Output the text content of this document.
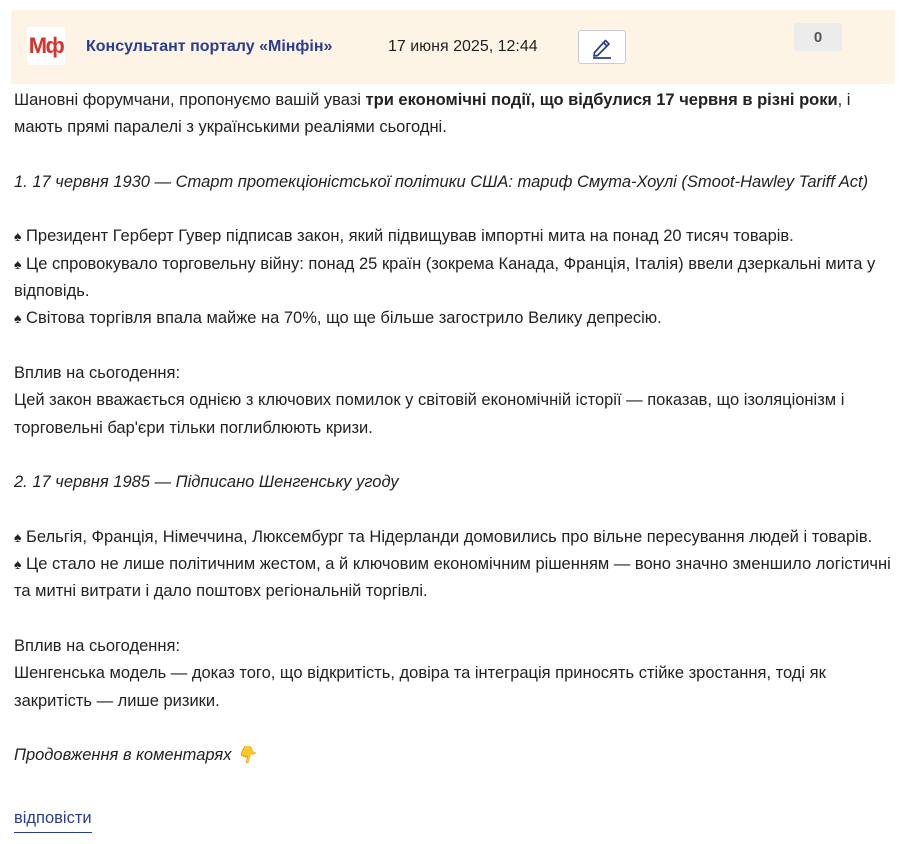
Мф Консультант порталу «Мінфін»	17 июня 2025, 12:44
0

Шановні форумчани, пропонуємо вашій увазі три економічні події, що відбулися 17 червня в різні роки, і мають прямі паралелі з українськими реаліями сьогодні.

1. 17 червня 1930 — Старт протекціоністської політики США: тариф Смута-Хоулі (Smoot-Hawley Tariff Act)

♠ Президент Герберт Гувер підписав закон, який підвищував імпортні мита на понад 20 тисяч товарів.

♠ Це спровокувало торговельну війну: понад 25 країн (зокрема Канада, Франція, Італія) ввели дзеркальні мита у відповідь.

♠ Світова торгівля впала майже на 70%, що ще більше загострило Велику депресію.

Вплив на сьогодення:

Цей закон вважається однією з ключових помилок у світовій економічній історії — показав, що ізоляціонізм і торговельні бар'єри тільки поглиблюють кризи.

2. 17 червня 1985 — Підписано Шенгенську угоду

♠ Бельгія, Франція, Німеччина, Люксембург та Нідерланди домовились про вільне пересування людей і товарів.

♠ Це стало не лише політичним жестом, а й ключовим економічним рішенням — воно значно зменшило логістичні та митні витрати і дало поштовх регіональній торгівлі.

Вплив на сьогодення:

Шенгенська модель — доказ того, що відкритість, довіра та інтеграція приносять стійке зростання, тоді як закритість — лише ризики.

Продовження в коментарях 👇

відповісти
